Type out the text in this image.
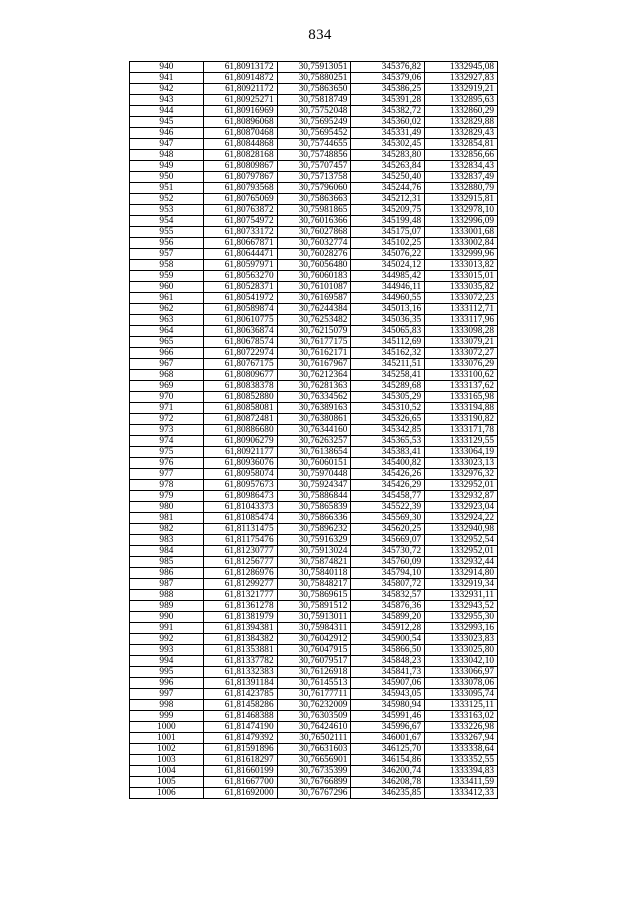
834
940	61,80913172	30,75913051	345376,82	1332945,08
941	61,80914872	30,75880251	345379,06	1332927,83
942	61,80921172	30,75863650	345386,25	1332919,21
943	61,80925271	30,75818749	345391,28	1332895,63
944	61,80916969	30,75752048	345382,72	1332860,29
945	61,80896068	30,75695249	345360,02	1332829,88
946	61,80870468	30,75695452	345331,49	1332829,43
947	61,80844868	30,75744655	345302,45	1332854,81
948	61,80828168	30,75748856	345283,80	1332856,66
949	61,80809867	30,75707457	345263,84	1332834,43
950	61,80797867	30,75713758	345250,40	1332837,49
951	61,80793568	30,75796060	345244,76	1332880,79
952	61,80765069	30,75863663	345212,31	1332915,81
953	61,80763872	30,75981865	345209,75	1332978,10
954	61,80754972	30,76016366	345199,48	1332996,09
955	61,80733172	30,76027868	345175,07	1333001,68
956	61,80667871	30,76032774	345102,25	1333002,84
957	61,80644471	30,76028276	345076,22	1332999,96
958	61,80597971	30,76056480	345024,12	1333013,82
959	61,80563270	30,76060183	344985,42	1333015,01
960	61,80528371	30,76101087	344946,11	1333035,82
961	61,80541972	30,76169587	344960,55	1333072,23
962	61,80589874	30,76244384	345013,16	1333112,71
963	61,80610775	30,76253482	345036,35	1333117,96
964	61,80636874	30,76215079	345065,83	1333098,28
965	61,80678574	30,76177175	345112,69	1333079,21
966	61,80722974	30,76162171	345162,32	1333072,27
967	61,80767175	30,76167967	345211,51	1333076,29
968	61,80809677	30,76212364	345258,41	1333100,62
969	61,80838378	30,76281363	345289,68	1333137,62
970	61,80852880	30,76334562	345305,29	1333165,98
971	61,80858081	30,76389163	345310,52	1333194,88
972	61,80872481	30,76380861	345326,65	1333190,82
973	61,80886680	30,76344160	345342,85	1333171,78
974	61,80906279	30,76263257	345365,53	1333129,55
975	61,80921177	30,76138654	345383,41	1333064,19
976	61,80936076	30,76060151	345400,82	1333023,13
977	61,80958074	30,75970448	345426,26	1332976,32
978	61,80957673	30,75924347	345426,29	1332952,01
979	61,80986473	30,75886844	345458,77	1332932,87
980	61,81043373	30,75865839	345522,39	1332923,04
981	61,81085474	30,75866336	345569,30	1332924,22
982	61,81131475	30,75896232	345620,25	1332940,98
983	61,81175476	30,75916329	345669,07	1332952,54
984	61,81230777	30,75913024	345730,72	1332952,01
985	61,81256777	30,75874821	345760,09	1332932,44
986	61,81286976	30,75840118	345794,10	1332914,80
987	61,81299277	30,75848217	345807,72	1332919,34
988	61,81321777	30,75869615	345832,57	1332931,11
989	61,81361278	30,75891512	345876,36	1332943,52
990	61,81381979	30,75913011	345899,20	1332955,30
991	61,81394381	30,75984311	345912,28	1332993,16
992	61,81384382	30,76042912	345900,54	1333023,83
993	61,81353881	30,76047915	345866,50	1333025,80
994	61,81337782	30,76079517	345848,23	1333042,10
995	61,81332383	30,76126918	345841,73	1333066,97
996	61,81391184	30,76145513	345907,06	1333078,06
997	61,81423785	30,76177711	345943,05	1333095,74
998	61,81458286	30,76232009	345980,94	1333125,11
999	61,81468388	30,76303509	345991,46	1333163,02
1000	61,81474190	30,76424610	345996,67	1333226,98
1001	61,81479392	30,76502111	346001,67	1333267,94
1002	61,81591896	30,76631603	346125,70	1333338,64
1003	61,81618297	30,76656901	346154,86	1333352,55
1004	61,81660199	30,76735399	346200,74	1333394,83
1005	61,81667700	30,76766899	346208,78	1333411,59
1006	61,81692000	30,76767296	346235,85	1333412,33
